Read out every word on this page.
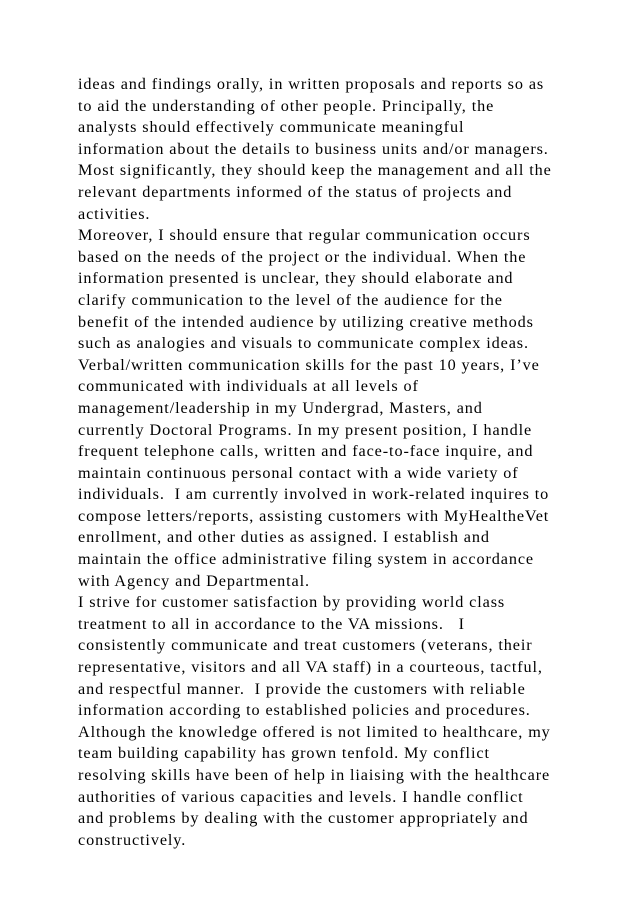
ideas and findings orally, in written proposals and reports so as
to aid the understanding of other people. Principally, the
analysts should effectively communicate meaningful
information about the details to business units and/or managers.
Most significantly, they should keep the management and all the
relevant departments informed of the status of projects and
activities.
Moreover, I should ensure that regular communication occurs
based on the needs of the project or the individual. When the
information presented is unclear, they should elaborate and
clarify communication to the level of the audience for the
benefit of the intended audience by utilizing creative methods
such as analogies and visuals to communicate complex ideas.
Verbal/written communication skills for the past 10 years, I’ve
communicated with individuals at all levels of
management/leadership in my Undergrad, Masters, and
currently Doctoral Programs. In my present position, I handle
frequent telephone calls, written and face-to-face inquire, and
maintain continuous personal contact with a wide variety of
individuals.  I am currently involved in work-related inquires to
compose letters/reports, assisting customers with MyHealtheVet
enrollment, and other duties as assigned. I establish and
maintain the office administrative filing system in accordance
with Agency and Departmental.
I strive for customer satisfaction by providing world class
treatment to all in accordance to the VA missions.   I
consistently communicate and treat customers (veterans, their
representative, visitors and all VA staff) in a courteous, tactful,
and respectful manner.  I provide the customers with reliable
information according to established policies and procedures.
Although the knowledge offered is not limited to healthcare, my
team building capability has grown tenfold. My conflict
resolving skills have been of help in liaising with the healthcare
authorities of various capacities and levels. I handle conflict
and problems by dealing with the customer appropriately and
constructively.
